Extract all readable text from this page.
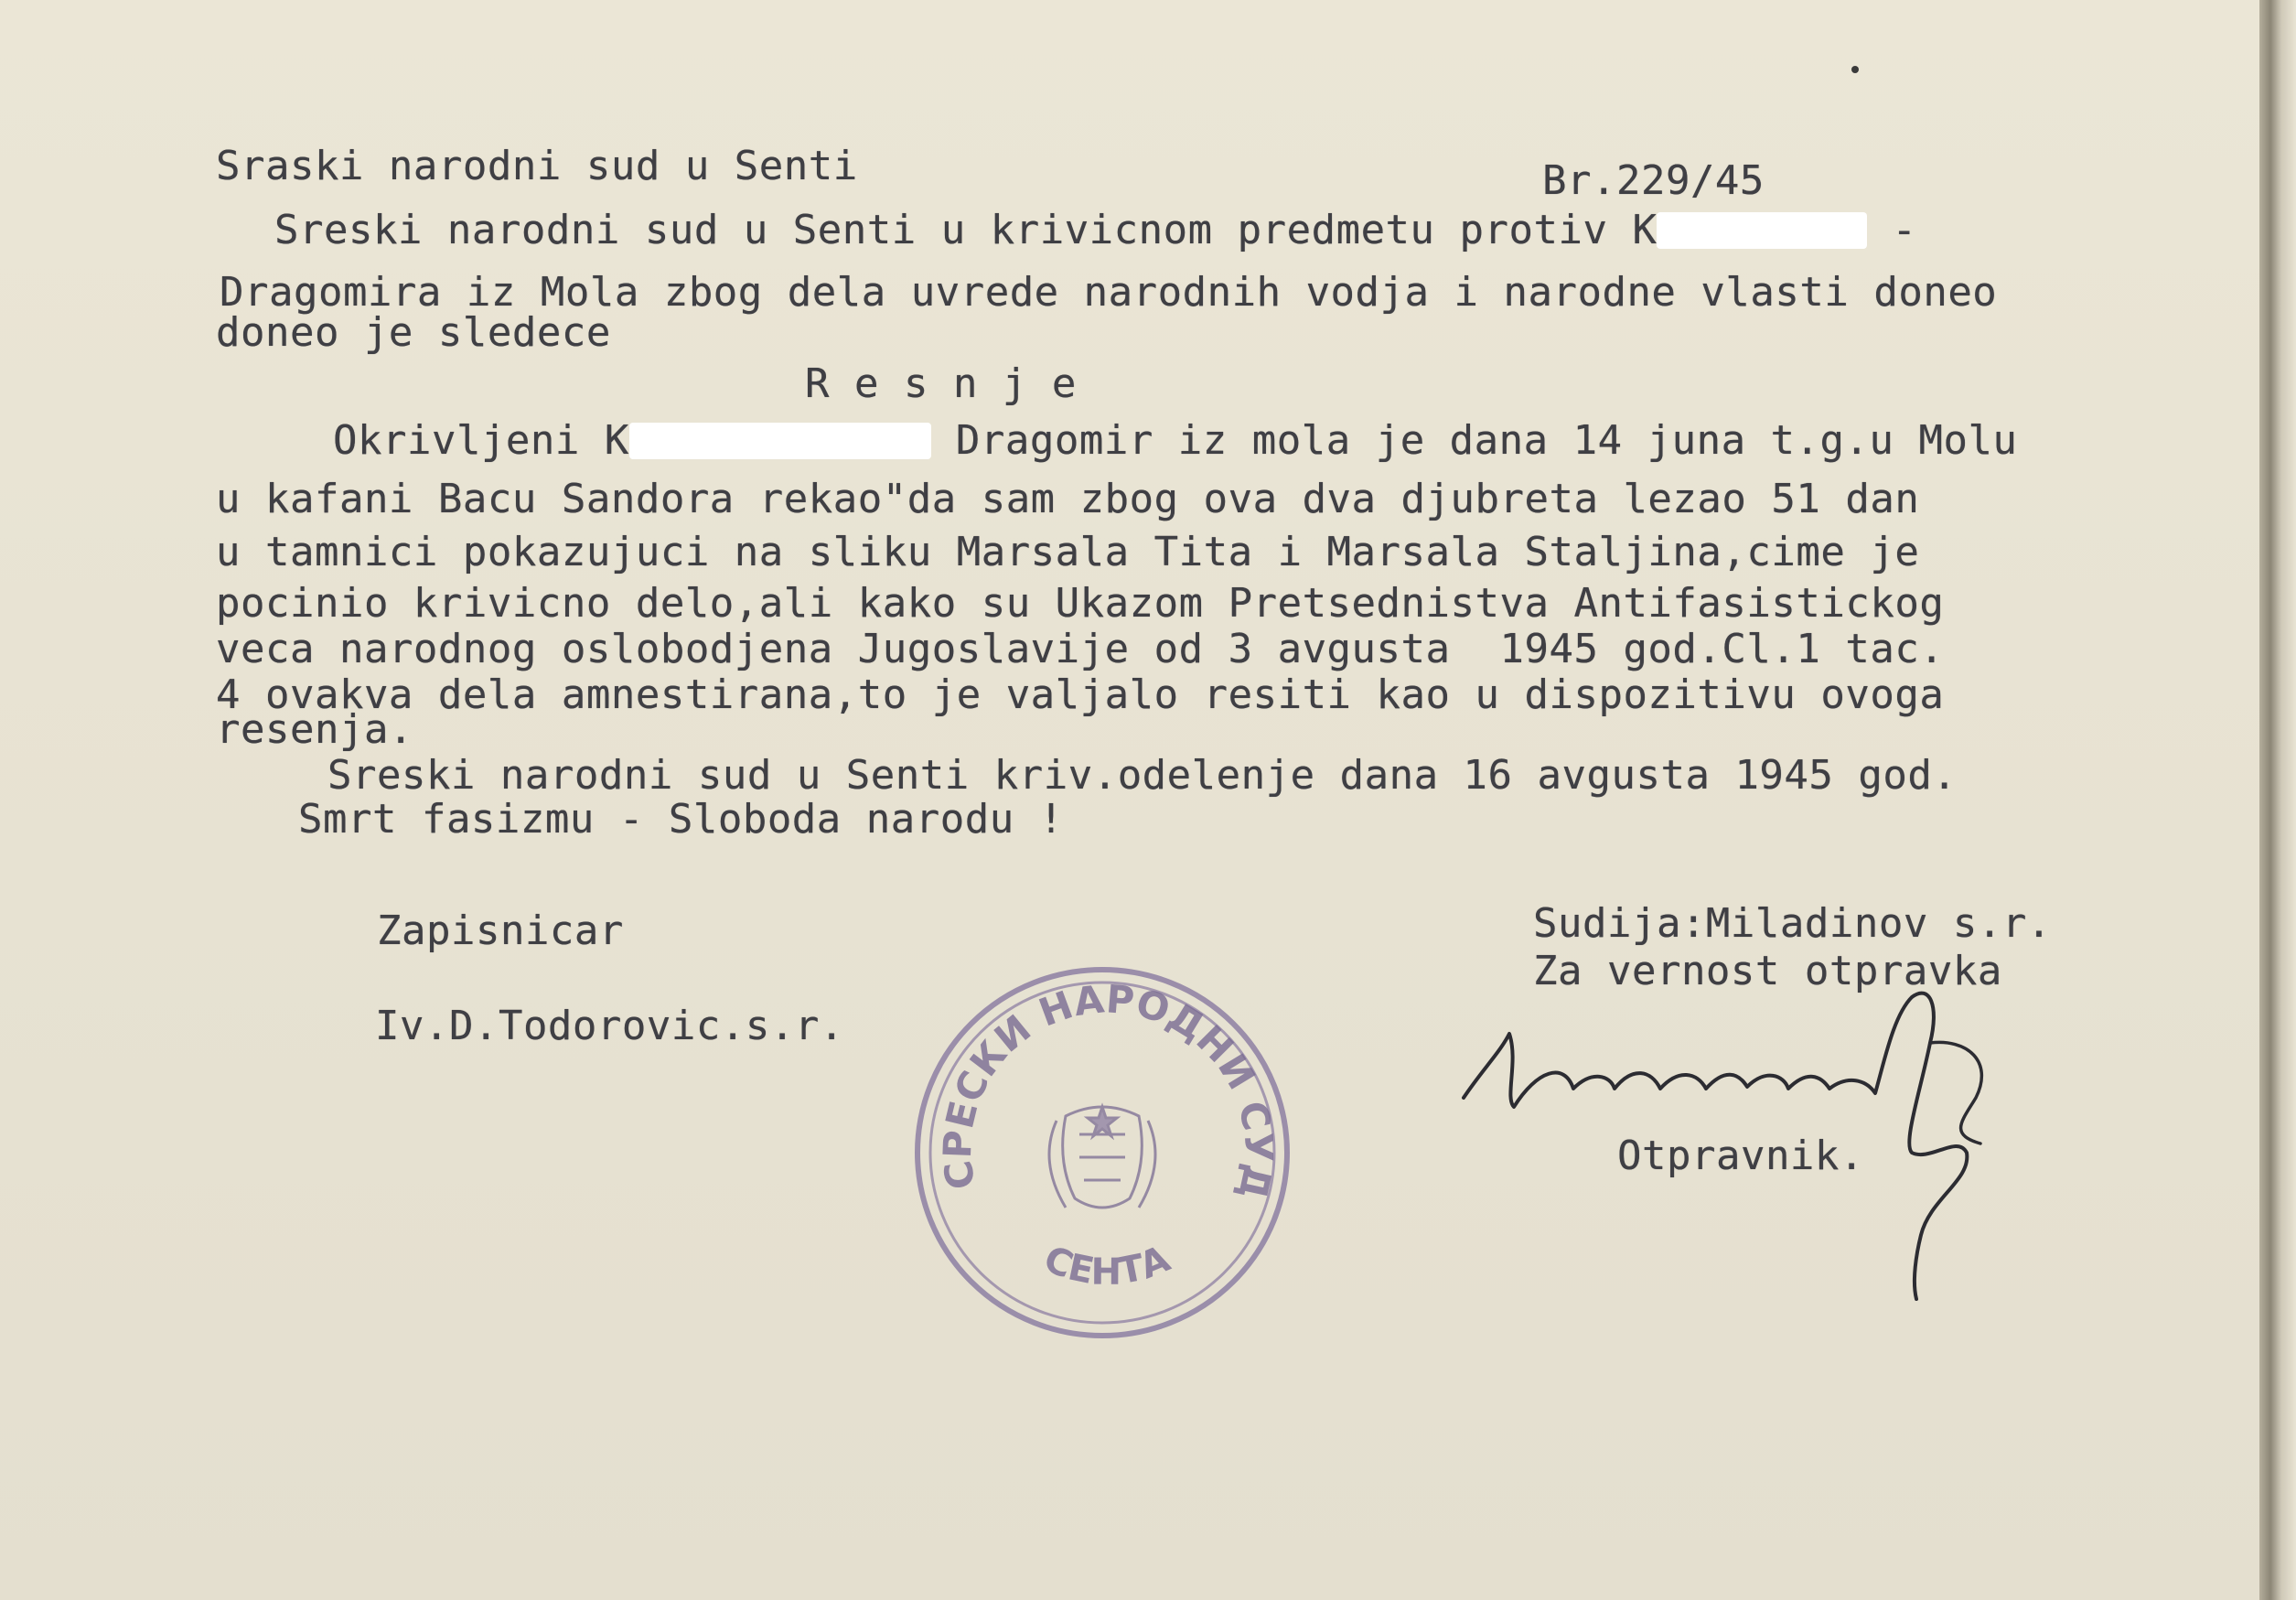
Sraski narodni sud u Senti	Br.229/45
Sreski narodni sud u Senti u krivicnom predmetu protiv K	-
Dragomira iz Mola zbog dela uvrede narodnih vodja i narodne vlasti doneo
doneo je sledece
R e s n j e
Okrivljeni K	Dragomir iz mola je dana 14 juna t.g.u Molu
u kafani Bacu Sandora rekao"da sam zbog ova dva djubreta lezao 51 dan
u tamnici pokazujuci na sliku Marsala Tita i Marsala Staljina,cime je
pocinio krivicno delo,ali kako su Ukazom Pretsednistva Antifasistickog
veca narodnog oslobodjena Jugoslavije od 3 avgusta  1945 god.Cl.1 tac.
4 ovakva dela amnestirana,to je valjalo resiti kao u dispozitivu ovoga
resenja.
Sreski narodni sud u Senti kriv.odelenje dana 16 avgusta 1945 god.
Smrt fasizmu - Sloboda narodu !
Zapisnicar
Iv.D.Todorovic.s.r.
Sudija:Miladinov s.r.
Za vernost otpravka
Otpravnik.
СРЕСКИ НАРОДНИ СУД
СЕНТА
